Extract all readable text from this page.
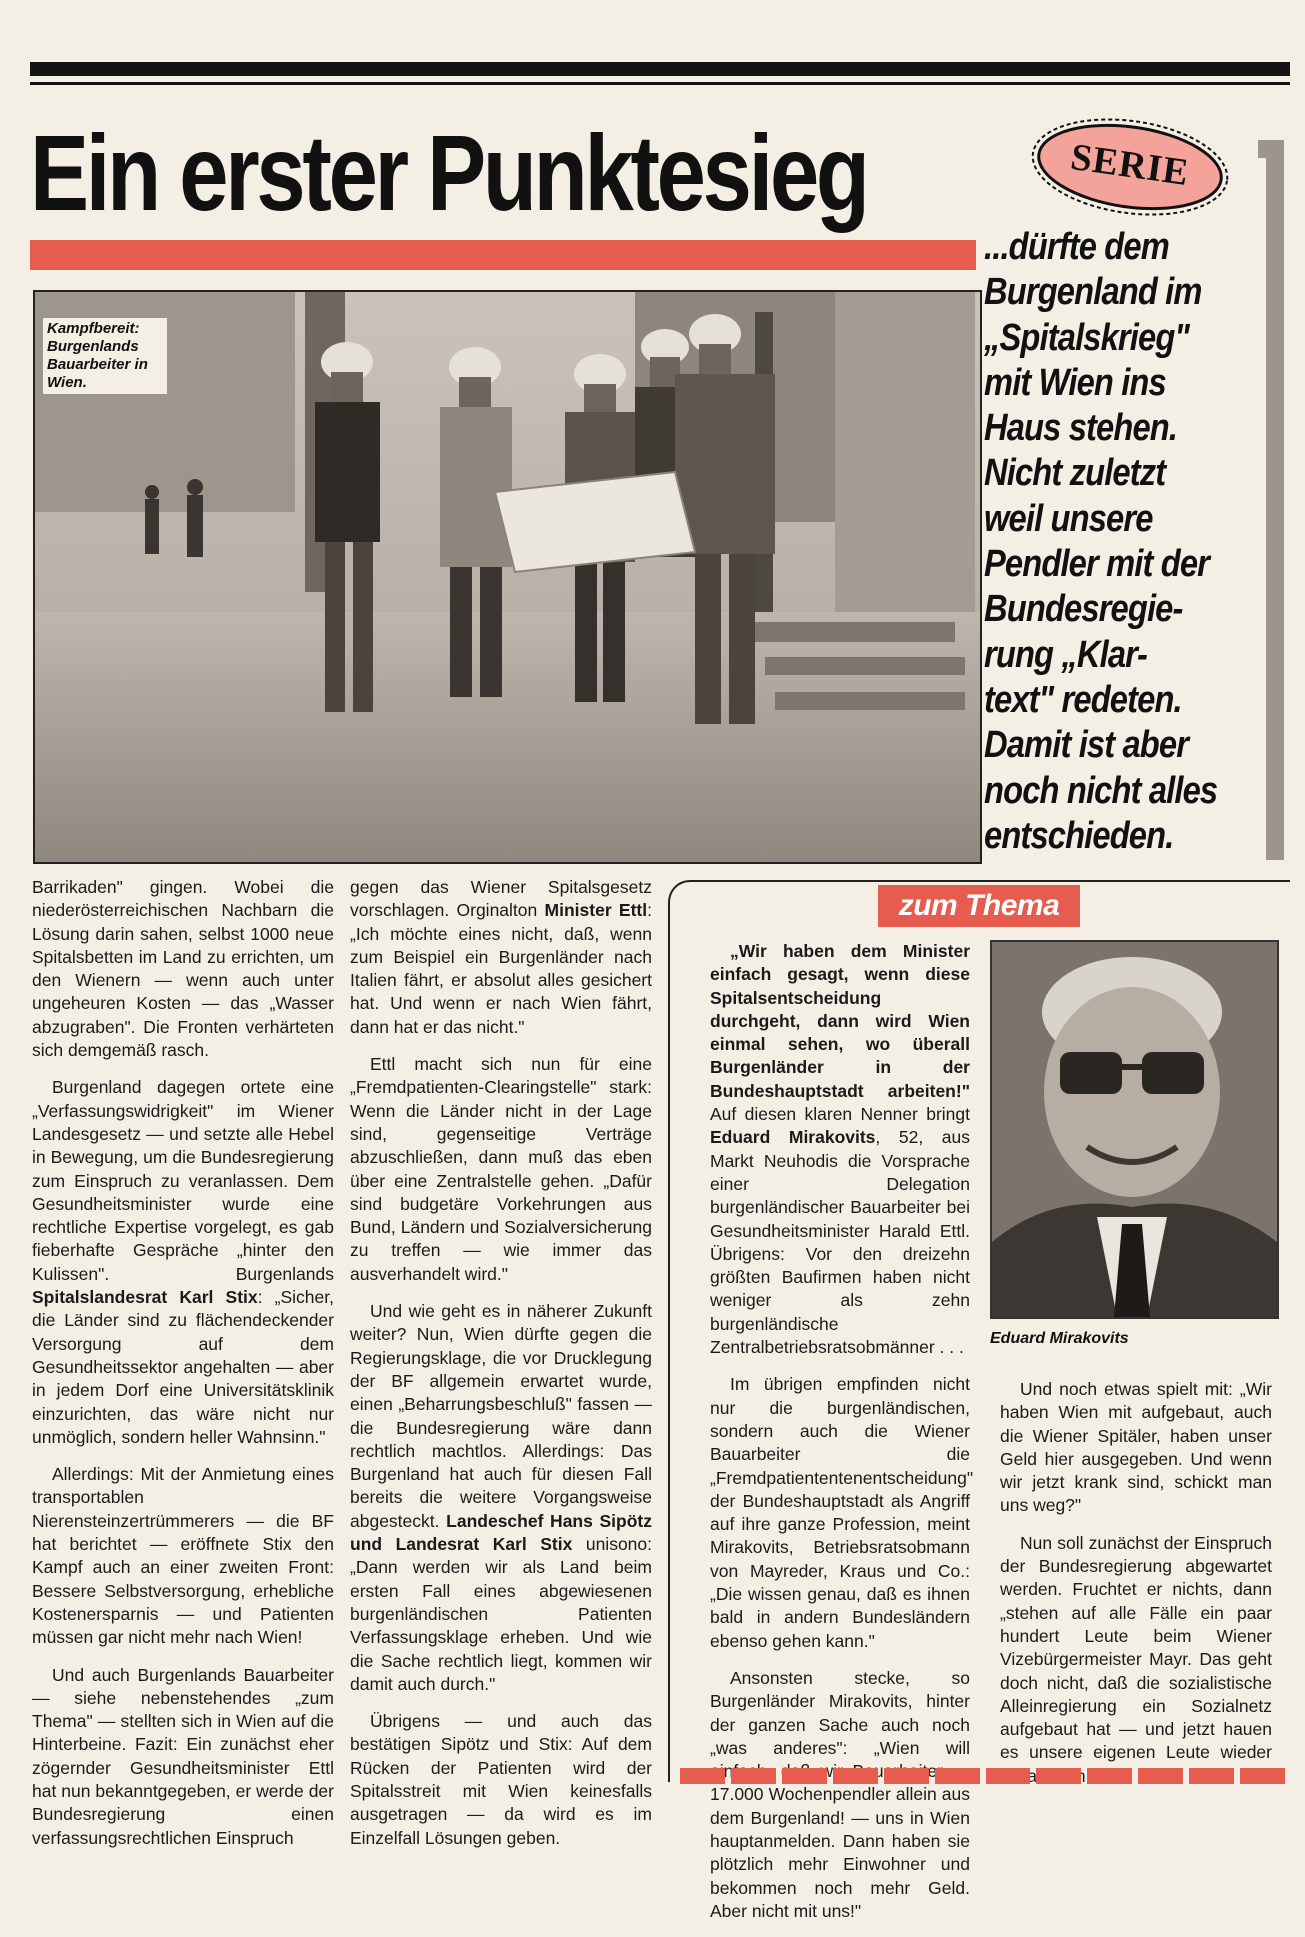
Ein erster Punktesieg	SERIE
...dürfte dem
Burgenland im
„Spitalskrieg"
mit Wien ins
Haus stehen.
Nicht zuletzt
weil unsere
Pendler mit der
Bundesregie-
rung „Klar-
text" redeten.
Damit ist aber
noch nicht alles
entschieden.
Kampfbereit:
Burgenlands
Bauarbeiter in
Wien.

Barrikaden" gingen. Wobei die niederösterreichischen Nachbarn die Lösung darin sahen, selbst 1000 neue Spitalsbetten im Land zu errichten, um den Wienern — wenn auch unter ungeheuren Kosten — das „Wasser abzugraben". Die Fronten verhärteten sich demgemäß rasch.

Burgenland dagegen ortete eine „Verfassungswidrigkeit" im Wiener Landesgesetz — und setzte alle Hebel in Bewegung, um die Bundesregierung zum Einspruch zu veranlassen. Dem Gesundheitsminister wurde eine rechtliche Expertise vorgelegt, es gab fieberhafte Gespräche „hinter den Kulissen". Burgenlands Spitalslandesrat Karl Stix: „Sicher, die Länder sind zu flächendeckender Versorgung auf dem Gesundheitssektor angehalten — aber in jedem Dorf eine Universitätsklinik einzurichten, das wäre nicht nur unmöglich, sondern heller Wahnsinn."

Allerdings: Mit der Anmietung eines transportablen Nierensteinzertrümmerers — die BF hat berichtet — eröffnete Stix den Kampf auch an einer zweiten Front: Bessere Selbstversorgung, erhebliche Kostenersparnis — und Patienten müssen gar nicht mehr nach Wien!

Und auch Burgenlands Bauarbeiter — siehe nebenstehendes „zum Thema" — stellten sich in Wien auf die Hinterbeine. Fazit: Ein zunächst eher zögernder Gesundheitsminister Ettl hat nun bekanntgegeben, er werde der Bundesregierung einen verfassungsrechtlichen Einspruch

gegen das Wiener Spitalsgesetz vorschlagen. Orginalton Minister Ettl: „Ich möchte eines nicht, daß, wenn zum Beispiel ein Burgenländer nach Italien fährt, er absolut alles gesichert hat. Und wenn er nach Wien fährt, dann hat er das nicht."

Ettl macht sich nun für eine „Fremdpatienten-Clearingstelle" stark: Wenn die Länder nicht in der Lage sind, gegenseitige Verträge abzuschließen, dann muß das eben über eine Zentralstelle gehen. „Dafür sind budgetäre Vorkehrungen aus Bund, Ländern und Sozialversicherung zu treffen — wie immer das ausverhandelt wird."

Und wie geht es in näherer Zukunft weiter? Nun, Wien dürfte gegen die Regierungsklage, die vor Drucklegung der BF allgemein erwartet wurde, einen „Beharrungsbeschluß" fassen — die Bundesregierung wäre dann rechtlich machtlos. Allerdings: Das Burgenland hat auch für diesen Fall bereits die weitere Vorgangsweise abgesteckt. Landeschef Hans Sipötz und Landesrat Karl Stix unisono: „Dann werden wir als Land beim ersten Fall eines abgewiesenen burgenländischen Patienten Verfassungsklage erheben. Und wie die Sache rechtlich liegt, kommen wir damit auch durch."

Übrigens — und auch das bestätigen Sipötz und Stix: Auf dem Rücken der Patienten wird der Spitalsstreit mit Wien keinesfalls ausgetragen — da wird es im Einzelfall Lösungen geben.

zum Thema

„Wir haben dem Minister einfach gesagt, wenn diese Spitalsentscheidung durchgeht, dann wird Wien einmal sehen, wo überall Burgenländer in der Bundeshauptstadt arbeiten!" Auf diesen klaren Nenner bringt Eduard Mirakovits, 52, aus Markt Neuhodis die Vorsprache einer Delegation burgenländischer Bauarbeiter bei Gesundheitsminister Harald Ettl. Übrigens: Vor den dreizehn größten Baufirmen haben nicht weniger als zehn burgenländische Zentralbetriebsratsobmänner . . .

Im übrigen empfinden nicht nur die burgenländischen, sondern auch die Wiener Bauarbeiter die „Fremdpatiententenentscheidung" der Bundeshauptstadt als Angriff auf ihre ganze Profession, meint Mirakovits, Betriebsratsobmann von Mayreder, Kraus und Co.: „Die wissen genau, daß es ihnen bald in andern Bundesländern ebenso gehen kann."

Ansonsten stecke, so Burgenländer Mirakovits, hinter der ganzen Sache auch noch „was anderes": „Wien will wir 17.000 Wochenpendler allein aus dem Burgenland! — uns in Wien hauptanmelden. Dann haben sie plötzlich mehr Einwohner und bekommen noch mehr Geld. Aber nicht mit uns!"

Eduard Mirakovits

Und noch etwas spielt mit: „Wir haben Wien mit aufgebaut, auch die Wiener Spitäler, haben unser Geld hier ausgegeben. Und wenn wir jetzt krank sind, schickt man uns weg?"

Nun soll zunächst der Einspruch der Bundesregierung abgewartet werden. Fruchtet er nichts, dann „stehen auf alle Fälle ein paar hundert Leute beim Wiener Vizebürgermeister Mayr. Das geht doch nicht, daß die sozialistische Alleinregierung ein Sozialnetz aufgebaut hat — und jetzt hauen es unsere eigenen Leute wieder
